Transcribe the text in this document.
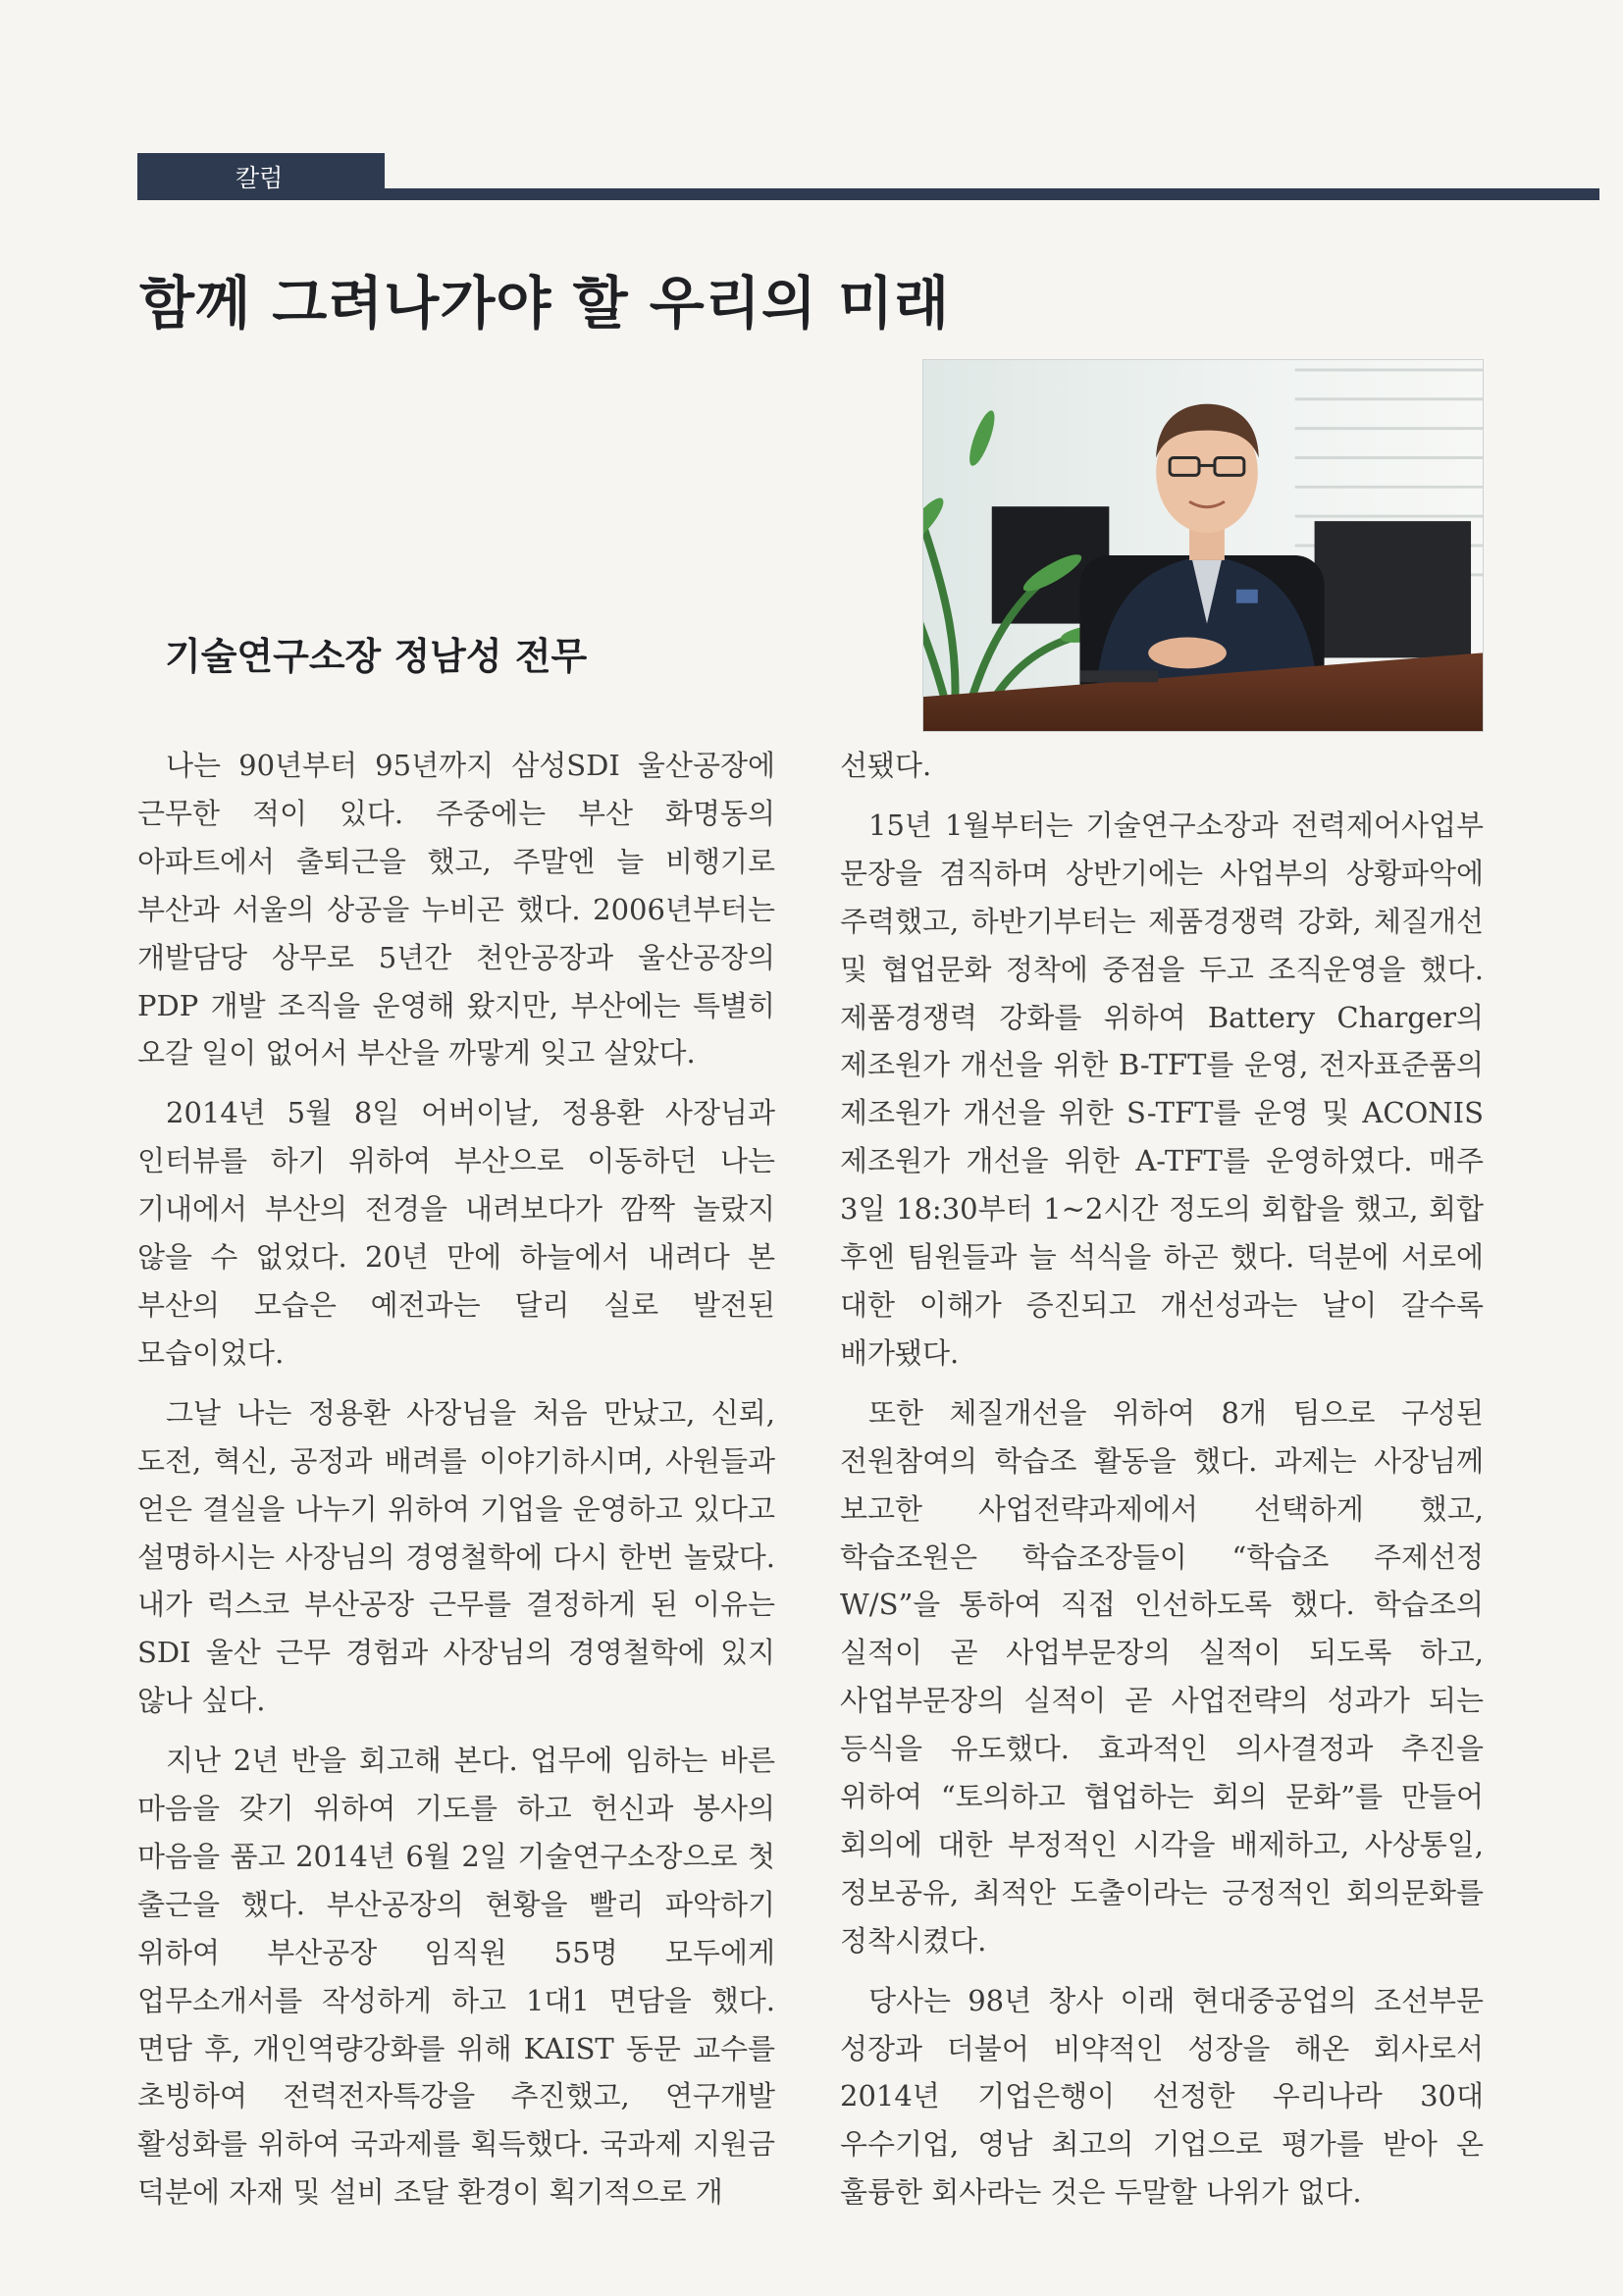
칼럼
함께 그려나가야 할 우리의 미래
기술연구소장 정남성 전무

나는 90년부터 95년까지 삼성SDI 울산공장에 근무한 적이 있다. 주중에는 부산 화명동의 아파트에서 출퇴근을 했고, 주말엔 늘 비행기로 부산과 서울의 상공을 누비곤 했다. 2006년부터는 개발담당 상무로 5년간 천안공장과 울산공장의 PDP 개발 조직을 운영해 왔지만, 부산에는 특별히 오갈 일이 없어서 부산을 까맣게 잊고 살았다.

2014년 5월 8일 어버이날, 정용환 사장님과 인터뷰를 하기 위하여 부산으로 이동하던 나는 기내에서 부산의 전경을 내려보다가 깜짝 놀랐지 않을 수 없었다. 20년 만에 하늘에서 내려다 본 부산의 모습은 예전과는 달리 실로 발전된 모습이었다.

그날 나는 정용환 사장님을 처음 만났고, 신뢰, 도전, 혁신, 공정과 배려를 이야기하시며, 사원들과 얻은 결실을 나누기 위하여 기업을 운영하고 있다고 설명하시는 사장님의 경영철학에 다시 한번 놀랐다. 내가 럭스코 부산공장 근무를 결정하게 된 이유는 SDI 울산 근무 경험과 사장님의 경영철학에 있지 않나 싶다.

지난 2년 반을 회고해 본다. 업무에 임하는 바른 마음을 갖기 위하여 기도를 하고 헌신과 봉사의 마음을 품고 2014년 6월 2일 기술연구소장으로 첫 출근을 했다. 부산공장의 현황을 빨리 파악하기 위하여 부산공장 임직원 55명 모두에게 업무소개서를 작성하게 하고 1대1 면담을 했다. 면담 후, 개인역량강화를 위해 KAIST 동문 교수를 초빙하여 전력전자특강을 추진했고, 연구개발 활성화를 위하여 국과제를 획득했다. 국과제 지원금 덕분에 자재 및 설비 조달 환경이 획기적으로 개

선됐다.

15년 1월부터는 기술연구소장과 전력제어사업부 문장을 겸직하며 상반기에는 사업부의 상황파악에 주력했고, 하반기부터는 제품경쟁력 강화, 체질개선 및 협업문화 정착에 중점을 두고 조직운영을 했다. 제품경쟁력 강화를 위하여 Battery Charger의 제조원가 개선을 위한 B-TFT를 운영, 전자표준품의 제조원가 개선을 위한 S-TFT를 운영 및 ACONIS 제조원가 개선을 위한 A-TFT를 운영하였다. 매주 3일 18:30부터 1~2시간 정도의 회합을 했고, 회합 후엔 팀원들과 늘 석식을 하곤 했다. 덕분에 서로에 대한 이해가 증진되고 개선성과는 날이 갈수록 배가됐다.

또한 체질개선을 위하여 8개 팀으로 구성된 전원참여의 학습조 활동을 했다. 과제는 사장님께 보고한 사업전략과제에서 선택하게 했고, 학습조원은 학습조장들이 “학습조 주제선정 W/S”을 통하여 직접 인선하도록 했다. 학습조의 실적이 곧 사업부문장의 실적이 되도록 하고, 사업부문장의 실적이 곧 사업전략의 성과가 되는 등식을 유도했다. 효과적인 의사결정과 추진을 위하여 “토의하고 협업하는 회의 문화”를 만들어 회의에 대한 부정적인 시각을 배제하고, 사상통일, 정보공유, 최적안 도출이라는 긍정적인 회의문화를 정착시켰다.

당사는 98년 창사 이래 현대중공업의 조선부문 성장과 더불어 비약적인 성장을 해온 회사로서 2014년 기업은행이 선정한 우리나라 30대 우수기업, 영남 최고의 기업으로 평가를 받아 온 훌륭한 회사라는 것은 두말할 나위가 없다.
